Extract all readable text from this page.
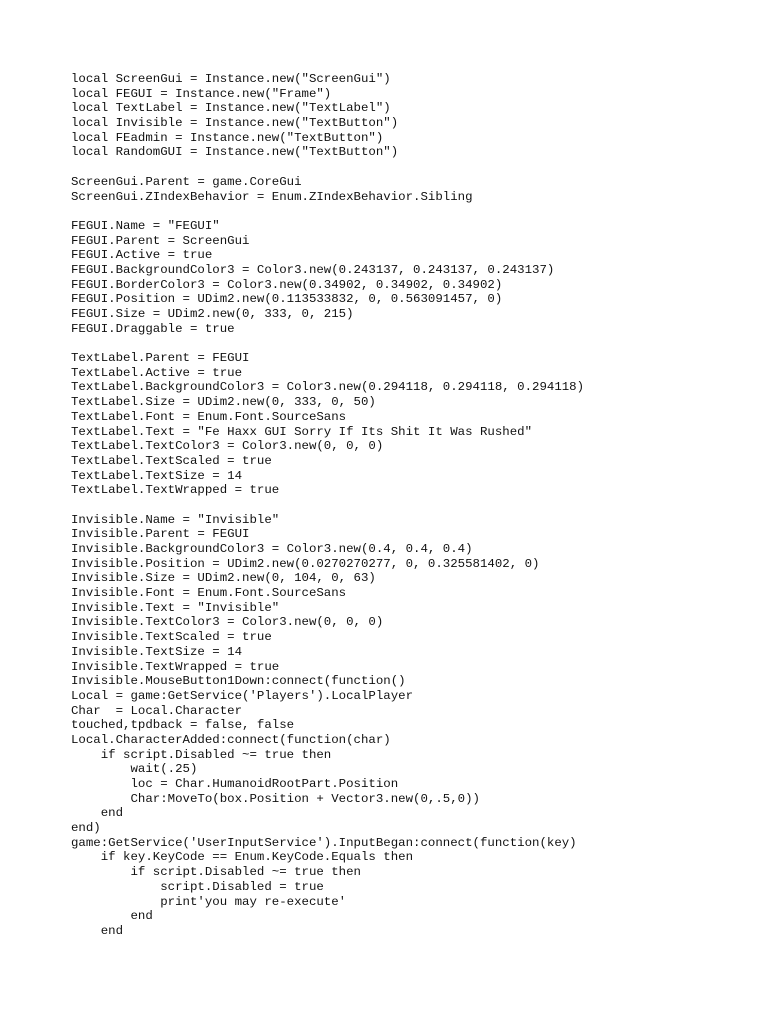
local ScreenGui = Instance.new("ScreenGui")
local FEGUI = Instance.new("Frame")
local TextLabel = Instance.new("TextLabel")
local Invisible = Instance.new("TextButton")
local FEadmin = Instance.new("TextButton")
local RandomGUI = Instance.new("TextButton")
ScreenGui.Parent = game.CoreGui
ScreenGui.ZIndexBehavior = Enum.ZIndexBehavior.Sibling
FEGUI.Name = "FEGUI"
FEGUI.Parent = ScreenGui
FEGUI.Active = true
FEGUI.BackgroundColor3 = Color3.new(0.243137, 0.243137, 0.243137)
FEGUI.BorderColor3 = Color3.new(0.34902, 0.34902, 0.34902)
FEGUI.Position = UDim2.new(0.113533832, 0, 0.563091457, 0)
FEGUI.Size = UDim2.new(0, 333, 0, 215)
FEGUI.Draggable = true
TextLabel.Parent = FEGUI
TextLabel.Active = true
TextLabel.BackgroundColor3 = Color3.new(0.294118, 0.294118, 0.294118)
TextLabel.Size = UDim2.new(0, 333, 0, 50)
TextLabel.Font = Enum.Font.SourceSans
TextLabel.Text = "Fe Haxx GUI Sorry If Its Shit It Was Rushed"
TextLabel.TextColor3 = Color3.new(0, 0, 0)
TextLabel.TextScaled = true
TextLabel.TextSize = 14
TextLabel.TextWrapped = true
Invisible.Name = "Invisible"
Invisible.Parent = FEGUI
Invisible.BackgroundColor3 = Color3.new(0.4, 0.4, 0.4)
Invisible.Position = UDim2.new(0.0270270277, 0, 0.325581402, 0)
Invisible.Size = UDim2.new(0, 104, 0, 63)
Invisible.Font = Enum.Font.SourceSans
Invisible.Text = "Invisible"
Invisible.TextColor3 = Color3.new(0, 0, 0)
Invisible.TextScaled = true
Invisible.TextSize = 14
Invisible.TextWrapped = true
Invisible.MouseButton1Down:connect(function()
Local = game:GetService('Players').LocalPlayer
Char  = Local.Character
touched,tpdback = false, false
Local.CharacterAdded:connect(function(char)
if script.Disabled ~= true then
wait(.25)
loc = Char.HumanoidRootPart.Position
Char:MoveTo(box.Position + Vector3.new(0,.5,0))
end
end)
game:GetService('UserInputService').InputBegan:connect(function(key)
if key.KeyCode == Enum.KeyCode.Equals then
if script.Disabled ~= true then
script.Disabled = true
print'you may re-execute'
end
end
